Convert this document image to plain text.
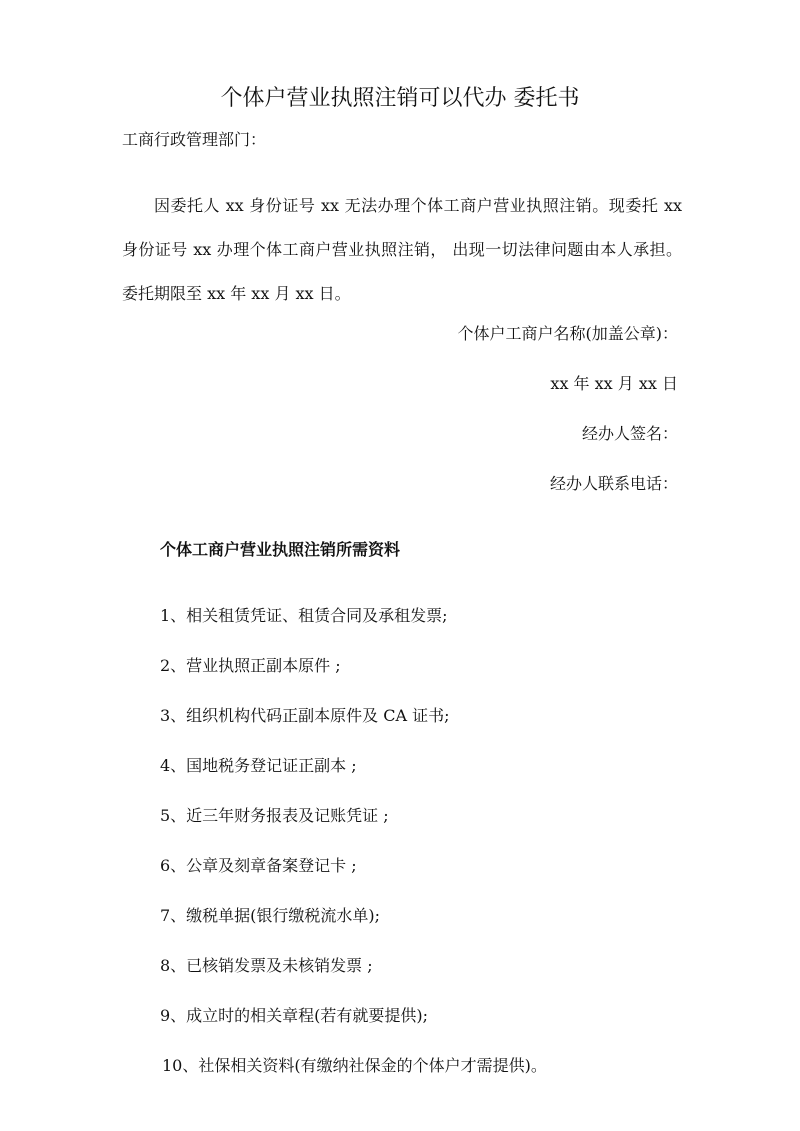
个体户营业执照注销可以代办 委托书
工商行政管理部门：
因委托人 xx 身份证号 xx 无法办理个体工商户营业执照注销。现委托 xx 身份证号 xx 办理个体工商户营业执照注销， 出现一切法律问题由本人承担。委托期限至 xx 年 xx 月 xx 日。
个体户工商户名称(加盖公章)：
xx 年 xx 月 xx 日
经办人签名：
经办人联系电话：
个体工商户营业执照注销所需资料
1、相关租赁凭证、租赁合同及承租发票;
2、营业执照正副本原件 ;
3、组织机构代码正副本原件及 CA 证书;
4、国地税务登记证正副本 ;
5、近三年财务报表及记账凭证 ;
6、公章及刻章备案登记卡 ;
7、缴税单据(银行缴税流水单);
8、已核销发票及未核销发票 ;
9、成立时的相关章程(若有就要提供);
10、社保相关资料(有缴纳社保金的个体户才需提供)。
